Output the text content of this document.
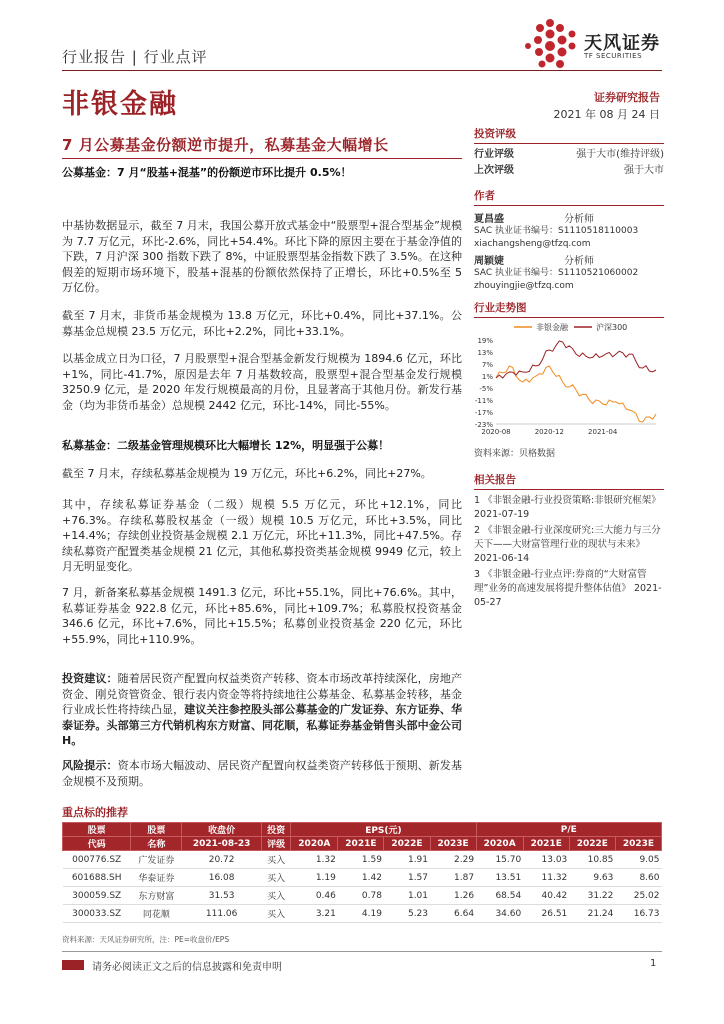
行业报告 | 行业点评
天风证券
TF SECURITIES
非银金融	证券研究报告
2021 年 08 月 24 日
7 月公募基金份额逆市提升，私募基金大幅增长
公募基金：7 月“股基+混基”的份额逆市环比提升 0.5%！
中基协数据显示，截至 7 月末，我国公募开放式基金中“股票型+混合型基金”规模为 7.7 万亿元，环比-2.6%，同比+54.4%。环比下降的原因主要在于基金净值的下跌，7 月沪深 300 指数下跌了 8%，中证股票型基金指数下跌了 3.5%。在这种假差的短期市场环境下，股基+混基的份额依然保持了正增长，环比+0.5%至 5 万亿份。
截至 7 月末，非货币基金规模为 13.8 万亿元，环比+0.4%，同比+37.1%。公募基金总规模 23.5 万亿元，环比+2.2%，同比+33.1%。
以基金成立日为口径，7 月股票型+混合型基金新发行规模为 1894.6 亿元，环比+1%，同比-41.7%，原因是去年 7 月基数较高，股票型+混合型基金发行规模 3250.9 亿元，是 2020 年发行规模最高的月份，且显著高于其他月份。新发行基金（均为非货币基金）总规模 2442 亿元，环比-14%，同比-55%。
私募基金：二级基金管理规模环比大幅增长 12%，明显强于公募！
截至 7 月末，存续私募基金规模为 19 万亿元，环比+6.2%，同比+27%。
其中，存续私募证券基金（二级）规模 5.5 万亿元，环比+12.1%，同比+76.3%。存续私募股权基金（一级）规模 10.5 万亿元，环比+3.5%，同比+14.4%；存续创业投资基金规模 2.1 万亿元，环比+11.3%，同比+47.5%。存续私募资产配置类基金规模 21 亿元，其他私募投资类基金规模 9949 亿元，较上月无明显变化。
7 月，新备案私募基金规模 1491.3 亿元，环比+55.1%，同比+76.6%。其中，私募证券基金 922.8 亿元，环比+85.6%，同比+109.7%；私募股权投资基金 346.6 亿元，环比+7.6%，同比+15.5%；私募创业投资基金 220 亿元，环比+55.9%，同比+110.9%。
投资建议：随着居民资产配置向权益类资产转移、资本市场改革持续深化，房地产资金、刚兑资管资金、银行表内资金等将持续地往公募基金、私募基金转移，基金行业成长性将持续凸显，建议关注参控股头部公募基金的广发证券、东方证券、华泰证券。头部第三方代销机构东方财富、同花顺，私募证券基金销售头部中金公司 H。
风险提示：资本市场大幅波动、居民资产配置向权益类资产转移低于预期、新发基金规模不及预期。
投资评级
行业评级	强于大市(维持评级)
上次评级	强于大市
作者
夏昌盛	分析师
SAC 执业证书编号：S1110518110003
xiachangsheng@tfzq.com
周颖婕	分析师
SAC 执业证书编号：S1110521060002
zhouyingjie@tfzq.com
行业走势图
非银金融	沪深300
19%
13%
7%
1%
-5%
-11%
-17%
-23%
2020-08	2020-12	2021-04
资料来源：贝格数据
相关报告
1 《非银金融-行业投资策略:非银研究框架》 2021-07-19
2 《非银金融-行业深度研究:三大能力与三分天下——大财富管理行业的现状与未来》 2021-06-14
3 《非银金融-行业点评:券商的“大财富管理”业务的高速发展将提升整体估值》 2021-05-27
重点标的推荐
股票	股票	收盘价	投资	EPS(元)				P/E			
代码	名称	2021-08-23	评级	2020A	2021E	2022E	2023E	2020A	2021E	2022E	2023E
000776.SZ	广发证券	20.72	买入	1.32	1.59	1.91	2.29	15.70	13.03	10.85	9.05
601688.SH	华泰证券	16.08	买入	1.19	1.42	1.57	1.87	13.51	11.32	9.63	8.60
300059.SZ	东方财富	31.53	买入	0.46	0.78	1.01	1.26	68.54	40.42	31.22	25.02
300033.SZ	同花顺	111.06	买入	3.21	4.19	5.23	6.64	34.60	26.51	21.24	16.73
资料来源：天风证券研究所，注：PE=收盘价/EPS
请务必阅读正文之后的信息披露和免责申明	1
